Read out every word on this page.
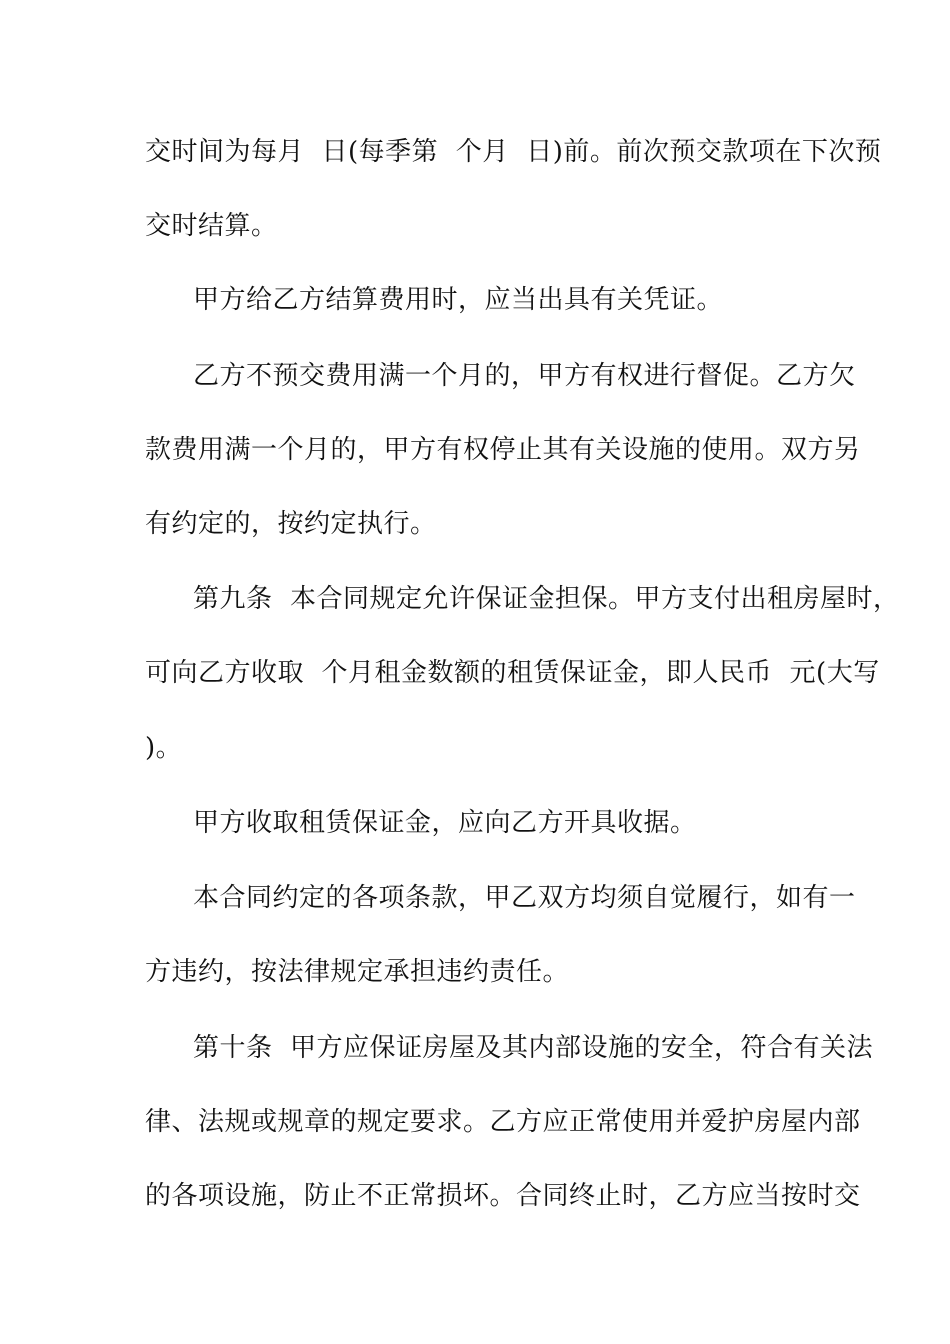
交时间为每月  日(每季第  个月  日)前。前次预交款项在下次预
交时结算。
甲方给乙方结算费用时，应当出具有关凭证。
乙方不预交费用满一个月的，甲方有权进行督促。乙方欠
款费用满一个月的，甲方有权停止其有关设施的使用。双方另
有约定的，按约定执行。
第九条  本合同规定允许保证金担保。甲方支付出租房屋时，
可向乙方收取  个月租金数额的租赁保证金，即人民币  元(大写
)。
甲方收取租赁保证金，应向乙方开具收据。
本合同约定的各项条款，甲乙双方均须自觉履行，如有一
方违约，按法律规定承担违约责任。
第十条  甲方应保证房屋及其内部设施的安全，符合有关法
律、法规或规章的规定要求。乙方应正常使用并爱护房屋内部
的各项设施，防止不正常损坏。合同终止时，乙方应当按时交
